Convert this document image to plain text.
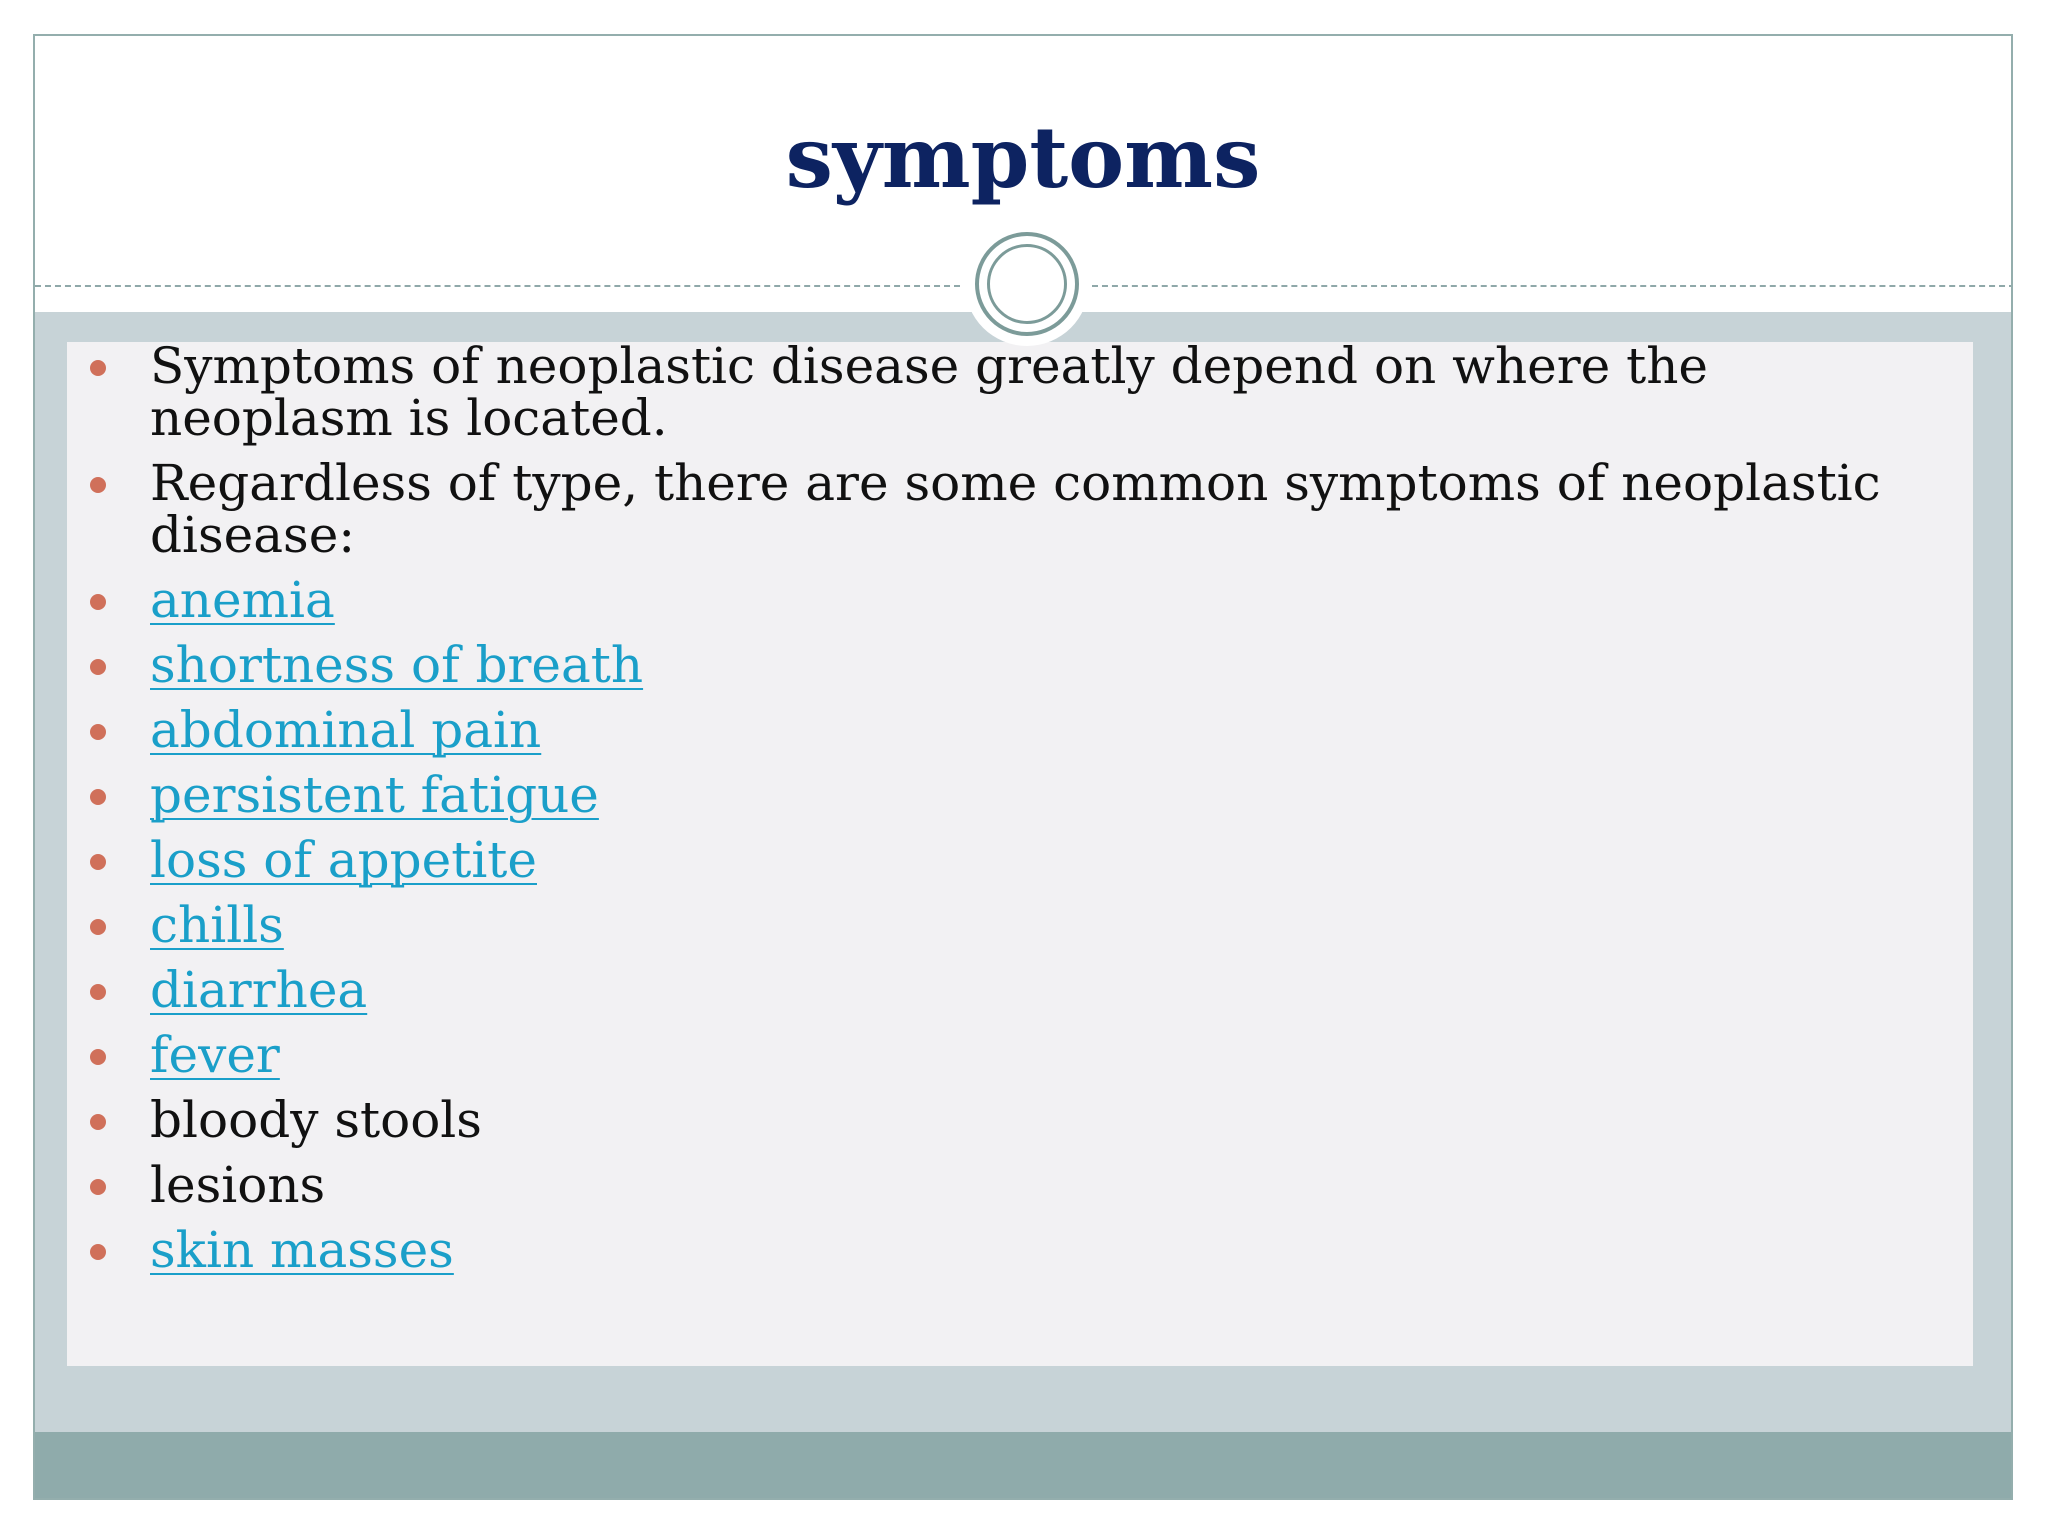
symptoms
Symptoms of neoplastic disease greatly depend on where the neoplasm is located.
Regardless of type, there are some common symptoms of neoplastic disease:
anemia
shortness of breath
abdominal pain
persistent fatigue
loss of appetite
chills
diarrhea
fever
bloody stools
lesions
skin masses
